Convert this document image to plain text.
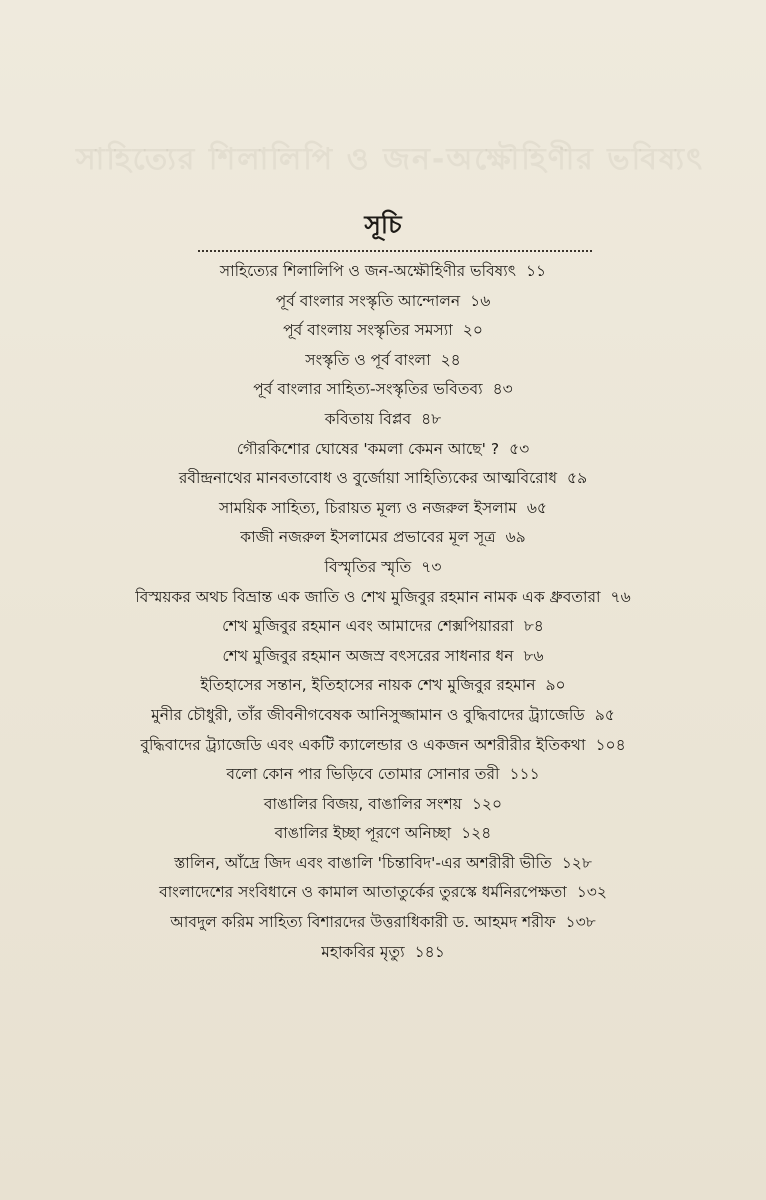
সাহিত্যের শিলালিপি ও জন-অক্ষৌহিণীর ভবিষ্যৎ
সূচি
সাহিত্যের শিলালিপি ও জন-অক্ষৌহিণীর ভবিষ্যৎ ১১
পূর্ব বাংলার সংস্কৃতি আন্দোলন ১৬
পূর্ব বাংলায় সংস্কৃতির সমস্যা ২০
সংস্কৃতি ও পূর্ব বাংলা ২৪
পূর্ব বাংলার সাহিত্য-সংস্কৃতির ভবিতব্য ৪৩
কবিতায় বিপ্লব ৪৮
গৌরকিশোর ঘোষের 'কমলা কেমন আছে' ? ৫৩
রবীন্দ্রনাথের মানবতাবোধ ও বুর্জোয়া সাহিত্যিকের আত্মবিরোধ ৫৯
সাময়িক সাহিত্য, চিরায়ত মূল্য ও নজরুল ইসলাম ৬৫
কাজী নজরুল ইসলামের প্রভাবের মূল সূত্র ৬৯
বিস্মৃতির স্মৃতি ৭৩
বিস্ময়কর অথচ বিভ্রান্ত এক জাতি ও শেখ মুজিবুর রহমান নামক এক ধ্রুবতারা ৭৬
শেখ মুজিবুর রহমান এবং আমাদের শেক্সপিয়াররা ৮৪
শেখ মুজিবুর রহমান অজস্র বৎসরের সাধনার ধন ৮৬
ইতিহাসের সন্তান, ইতিহাসের নায়ক শেখ মুজিবুর রহমান ৯০
মুনীর চৌধুরী, তাঁর জীবনীগবেষক আনিসুজ্জামান ও বুদ্ধিবাদের ট্র্যাজেডি ৯৫
বুদ্ধিবাদের ট্র্যাজেডি এবং একটি ক্যালেন্ডার ও একজন অশরীরীর ইতিকথা ১০৪
বলো কোন পার ভিড়িবে তোমার সোনার তরী ১১১
বাঙালির বিজয়, বাঙালির সংশয় ১২০
বাঙালির ইচ্ছা পূরণে অনিচ্ছা ১২৪
স্তালিন, আঁদ্রে জিদ এবং বাঙালি 'চিন্তাবিদ'-এর অশরীরী ভীতি ১২৮
বাংলাদেশের সংবিধানে ও কামাল আতাতুর্কের তুরস্কে ধর্মনিরপেক্ষতা ১৩২
আবদুল করিম সাহিত্য বিশারদের উত্তরাধিকারী ড. আহমদ শরীফ ১৩৮
মহাকবির মৃত্যু ১৪১
